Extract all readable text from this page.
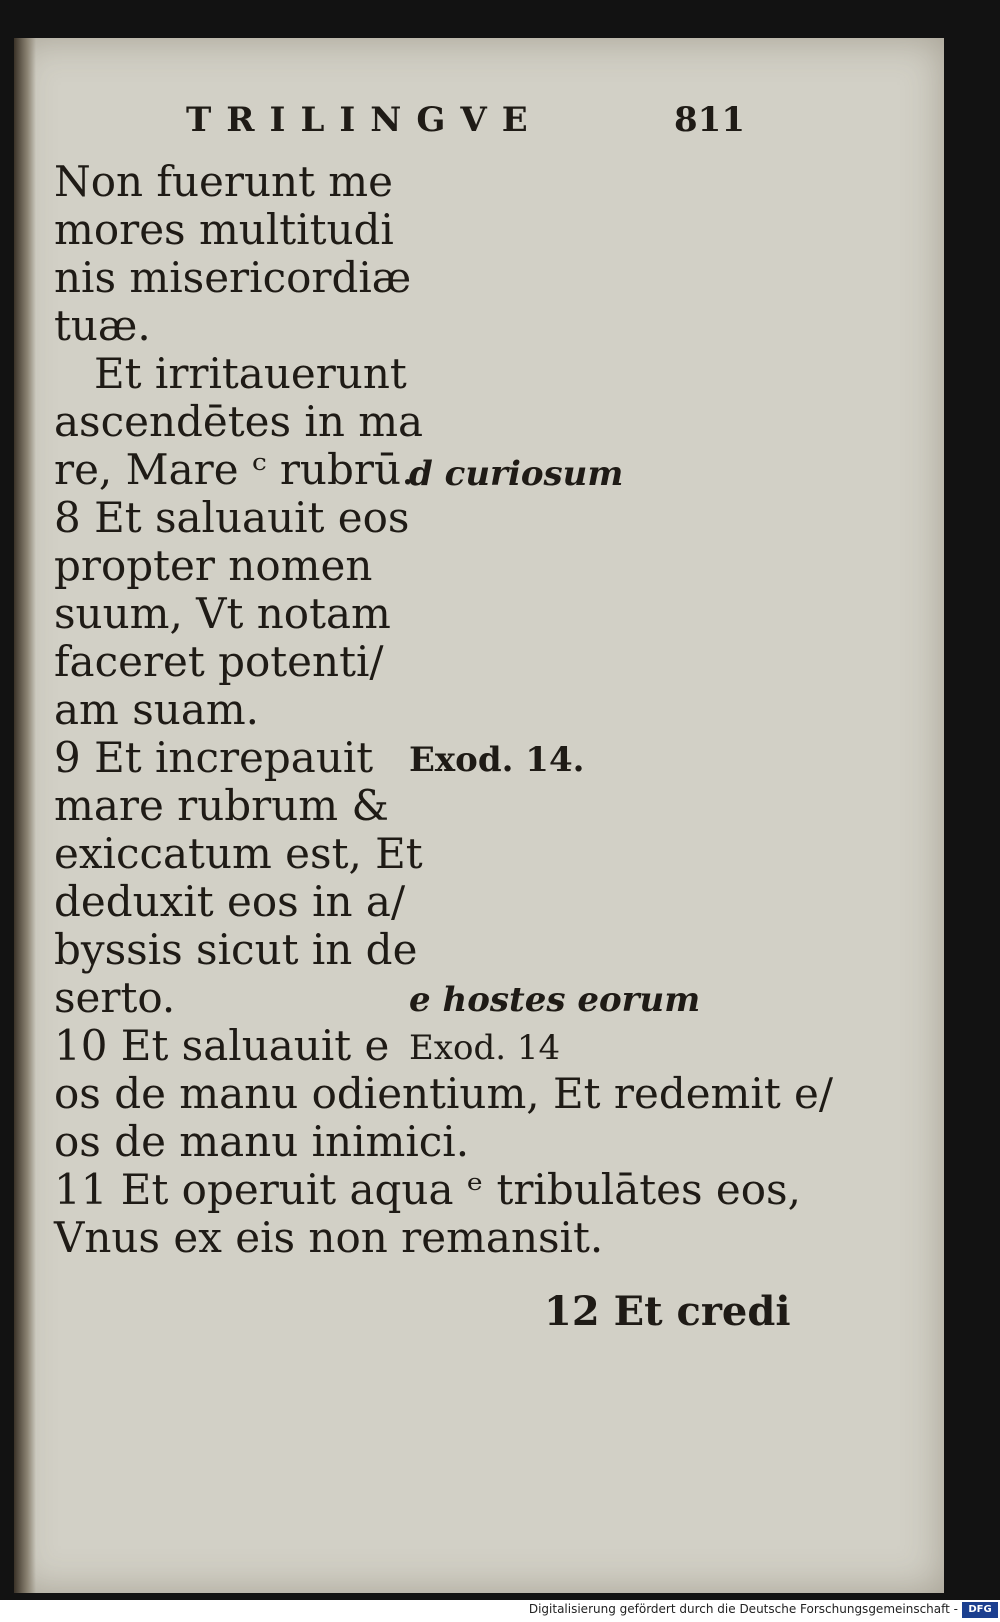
TRILINGVE	811
Non fuerunt me
mores multitudi
nis misericordiæ
tuæ.
Et irritauerunt
ascendētes in ma
re, Mare ᶜ rubrū.
8 Et saluauit eos
propter nomen
suum, Vt notam
faceret potenti/
am suam.
9 Et increpauit
mare rubrum &
exiccatum est, Et
deduxit eos in a/
byssis sicut in de
serto.
10 Et saluauit e
os de manu odientium, Et redemit e/
os de manu inimici.
11 Et operuit aqua ᵉ tribulātes eos,
Vnus ex eis non remansit.
d curiosum
Exod. 14.
e hostes eorum
Exod. 14
12 Et credi
Digitalisierung gefördert durch die Deutsche Forschungsgemeinschaft -	DFG
